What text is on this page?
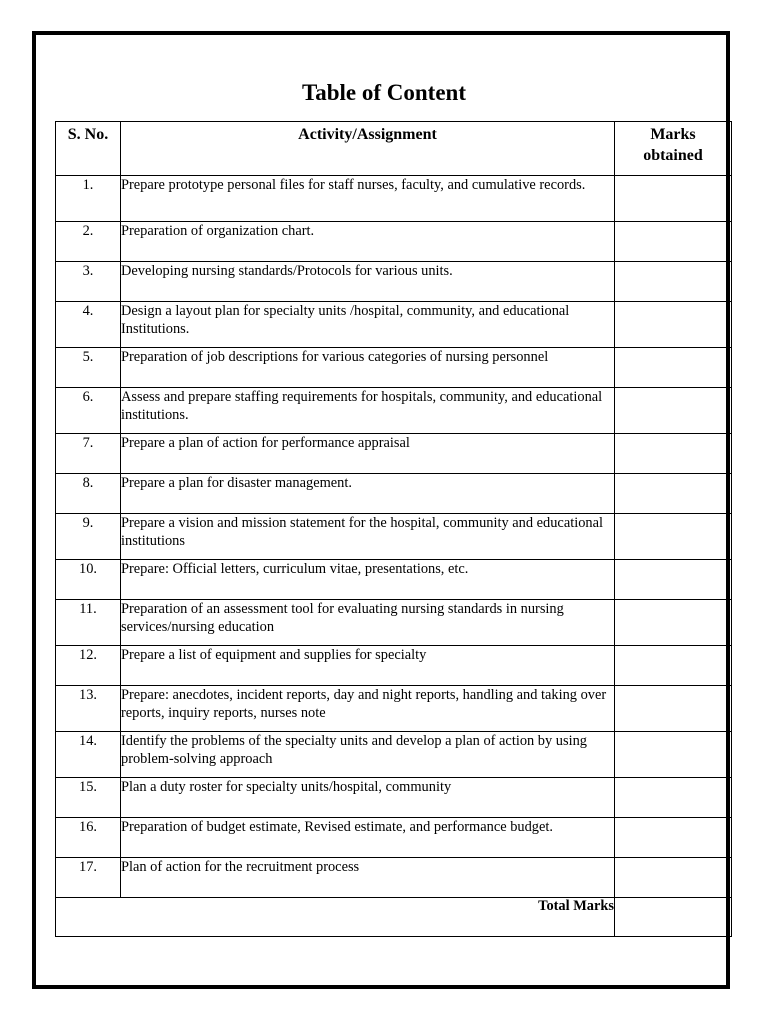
Table of Content
S. No.	Activity/Assignment	Marks
obtained
1.	Prepare prototype personal files for staff nurses, faculty, and cumulative records.	
2.	Preparation of organization chart.	
3.	Developing nursing standards/Protocols for various units.	
4.	Design a layout plan for specialty units /hospital, community, and educational Institutions.	
5.	Preparation of job descriptions for various categories of nursing personnel	
6.	Assess and prepare staffing requirements for hospitals, community, and educational institutions.	
7.	Prepare a plan of action for performance appraisal	
8.	Prepare a plan for disaster management.	
9.	Prepare a vision and mission statement for the hospital, community and educational institutions	
10.	Prepare: Official letters, curriculum vitae, presentations, etc.	
11.	Preparation of an assessment tool for evaluating nursing standards in nursing services/nursing education	
12.	Prepare a list of equipment and supplies for specialty	
13.	Prepare: anecdotes, incident reports, day and night reports, handling and taking over reports, inquiry reports, nurses note	
14.	Identify the problems of the specialty units and develop a plan of action by using problem-solving approach	
15.	Plan a duty roster for specialty units/hospital, community	
16.	Preparation of budget estimate, Revised estimate, and performance budget.	
17.	Plan of action for the recruitment process	
Total Marks		
